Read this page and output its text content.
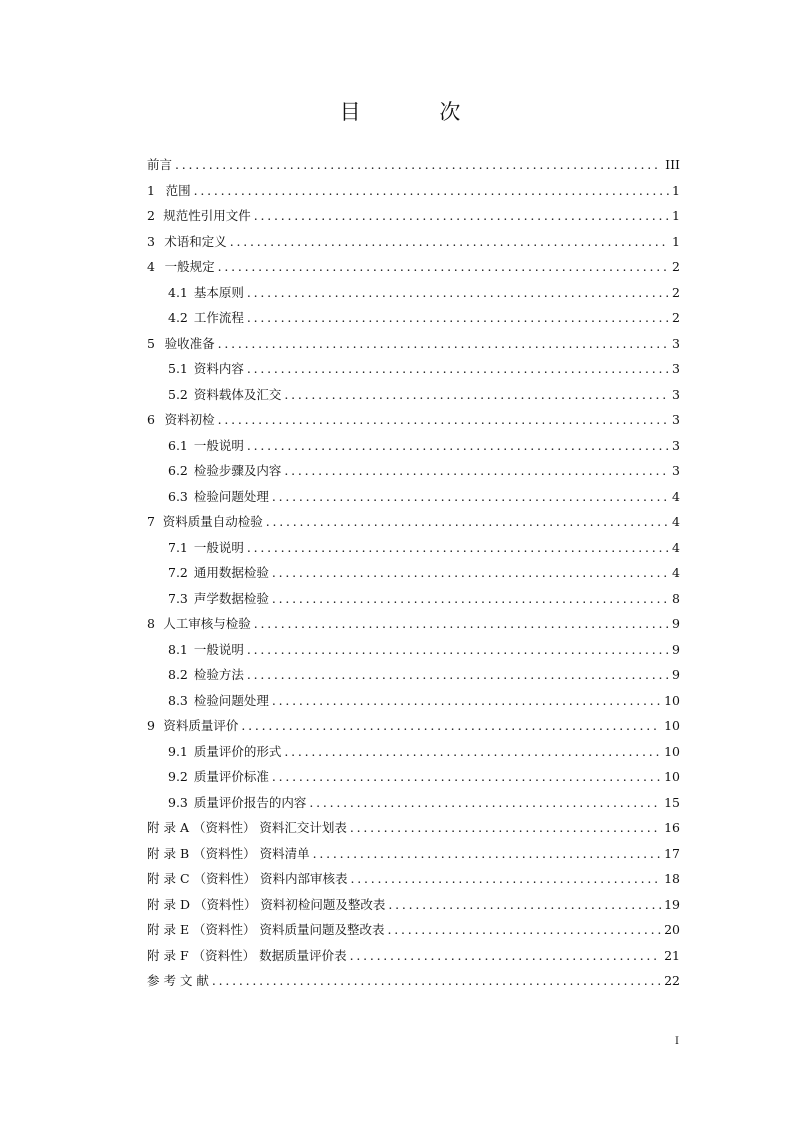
目 次
前言 . . .	III
1 范围 . . .	1
2 规范性引用文件 . . .	1
3 术语和定义 . . .	1
4 一般规定 . . .	2
4.1 基本原则 . . .	2
4.2 工作流程 . . .	2
5 验收准备 . . .	3
5.1 资料内容 . . .	3
5.2 资料载体及汇交 . . .	3
6 资料初检 . . .	3
6.1 一般说明 . . .	3
6.2 检验步骤及内容 . . .	3
6.3 检验问题处理 . . .	4
7 资料质量自动检验 . . .	4
7.1 一般说明 . . .	4
7.2 通用数据检验 . . .	4
7.3 声学数据检验 . . .	8
8 人工审核与检验 . . .	9
8.1 一般说明 . . .	9
8.2 检验方法 . . .	9
8.3 检验问题处理 . . .	10
9 资料质量评价 . . .	10
9.1 质量评价的形式 . . .	10
9.2 质量评价标准 . . .	10
9.3 质量评价报告的内容 . . .	15
附 录 A （资料性） 资料汇交计划表 . . .	16
附 录 B （资料性） 资料清单 . . .	17
附 录 C （资料性） 资料内部审核表 . . .	18
附 录 D （资料性） 资料初检问题及整改表 . . .	19
附 录 E （资料性） 资料质量问题及整改表 . . .	20
附 录 F （资料性） 数据质量评价表 . . .	21
参 考 文 献 . . .	22
I
